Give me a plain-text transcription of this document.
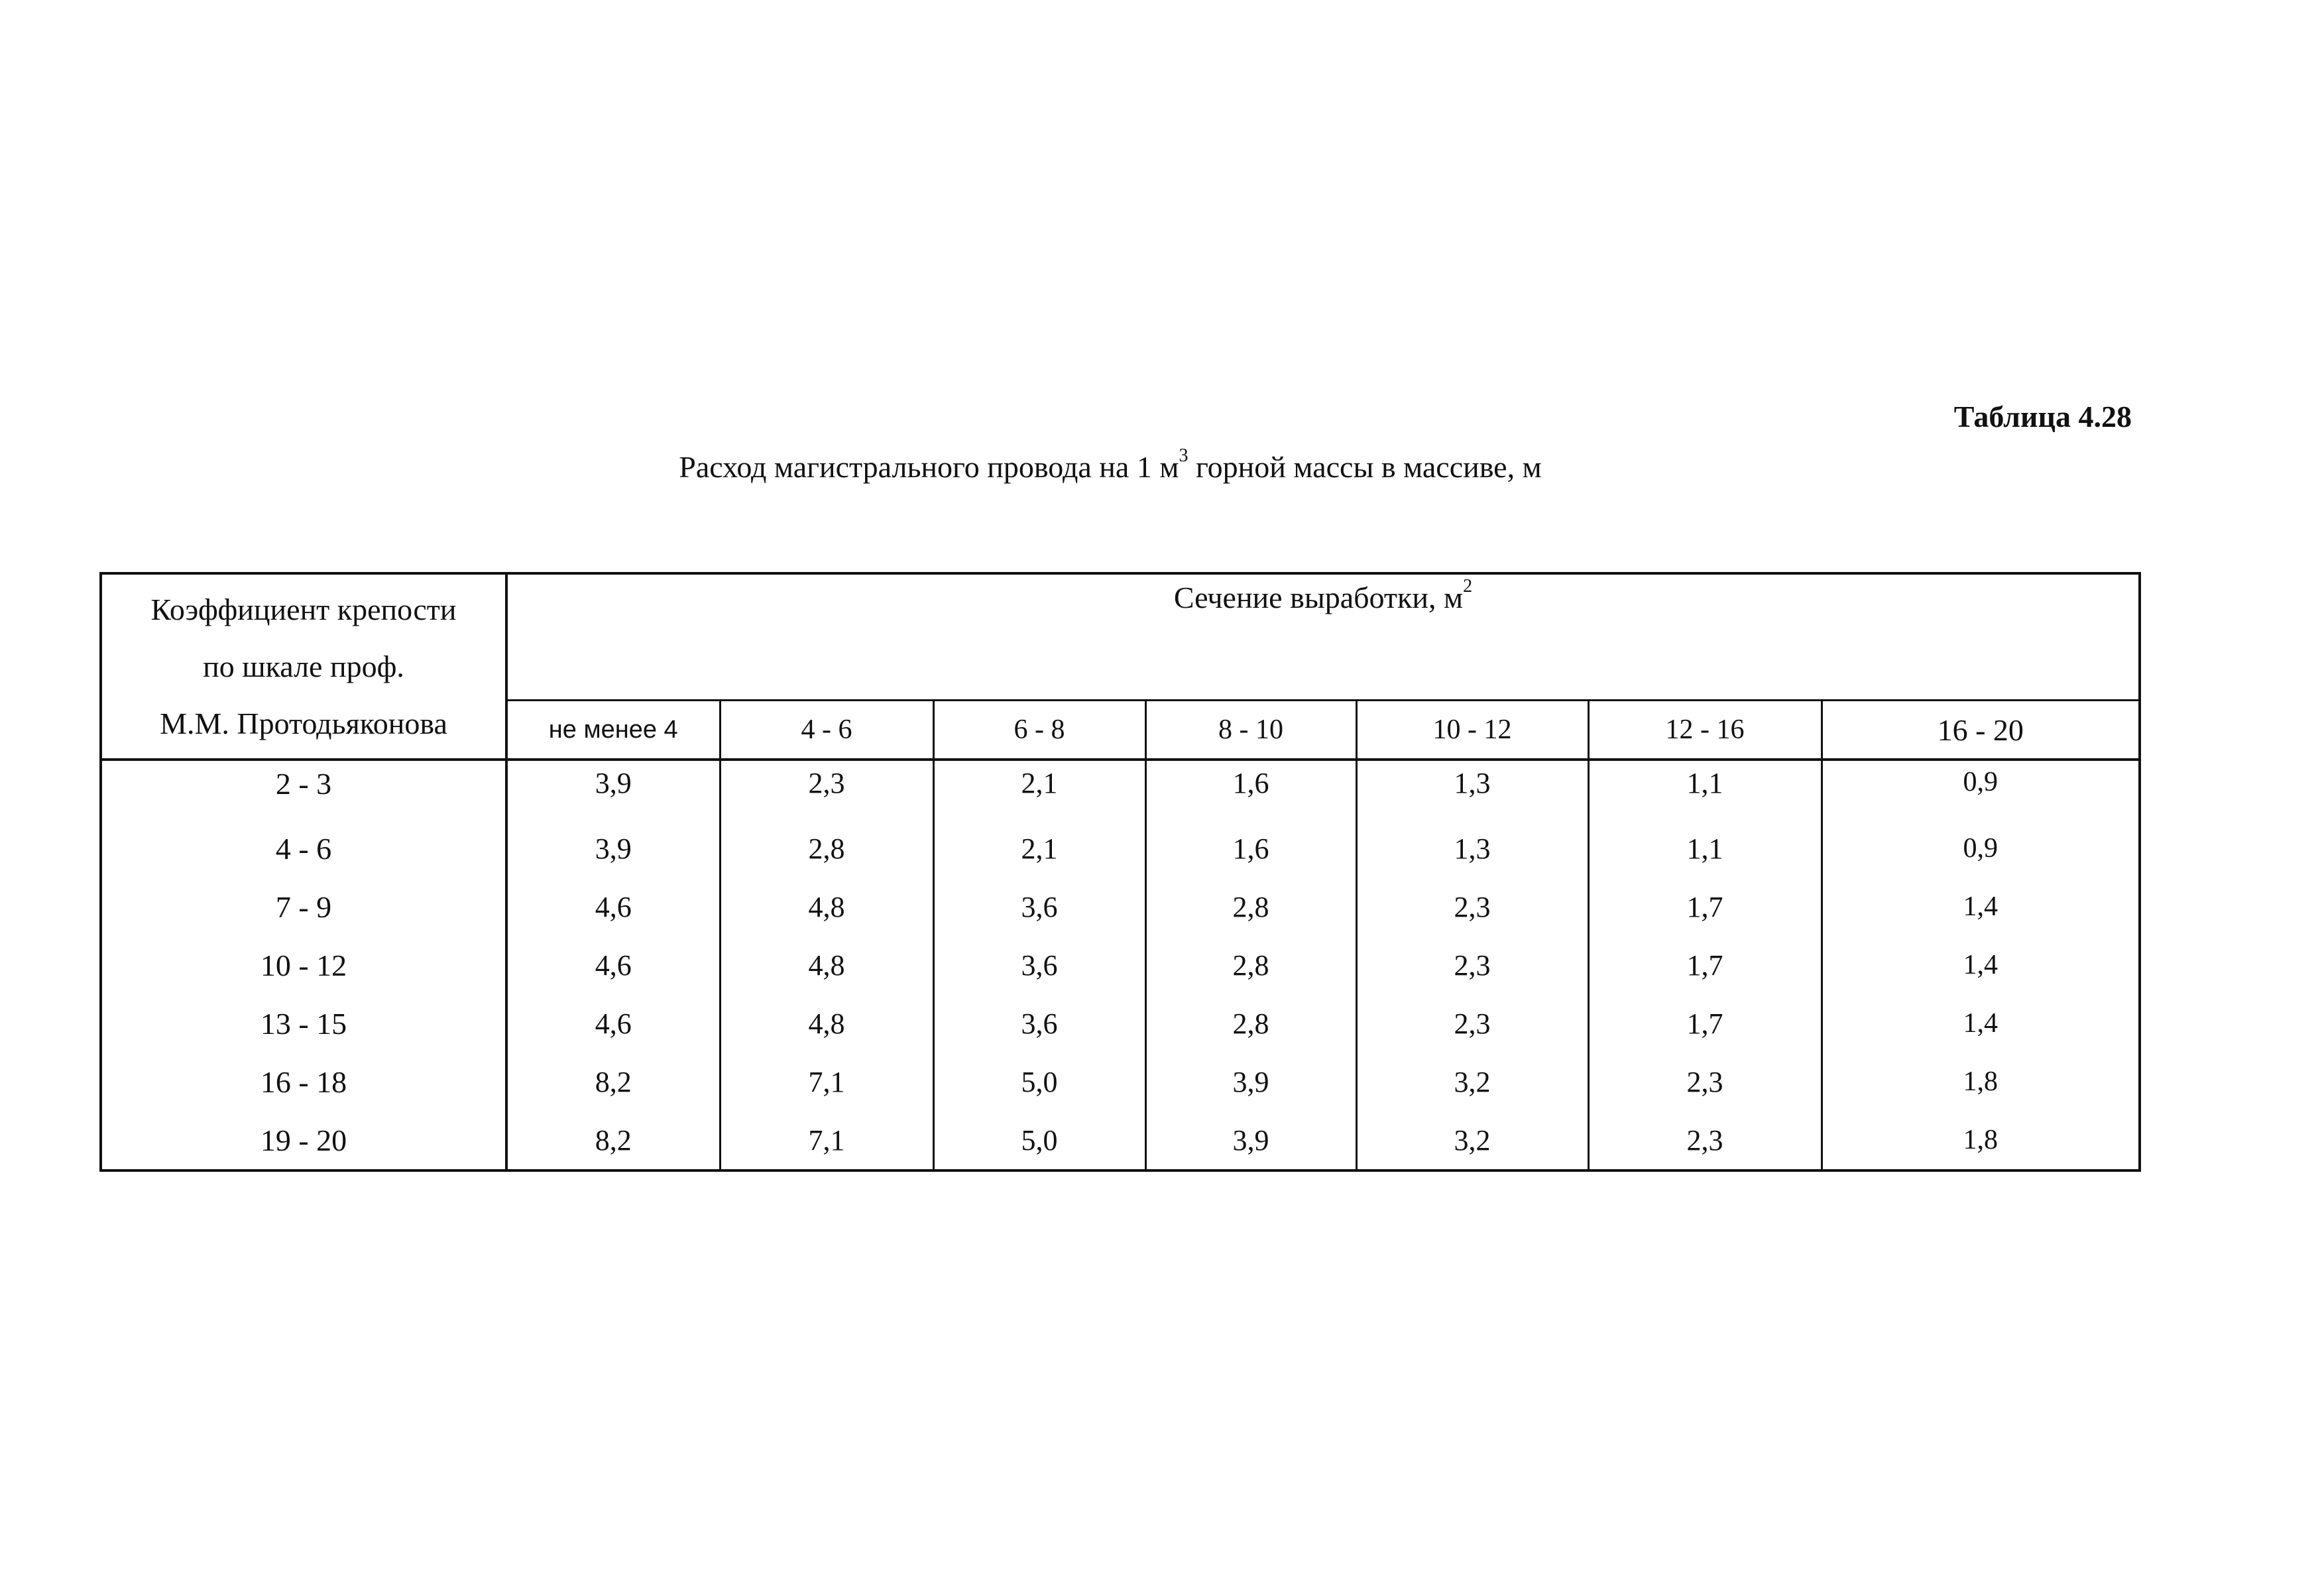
Таблица 4.28
Расход магистрального провода на 1 $м^3$ горной массы в массиве, м
Коэффициент крепости
по шкале проф.
М.М. Протодьяконова	Сечение выработки, $м^2$
	не менее 4	4 - 6	6 - 8	8 - 10	10 - 12	12 - 16	16 - 20
2 - 3	3,9	2,3	2,1	1,6	1,3	1,1	0,9
4 - 6	3,9	2,8	2,1	1,6	1,3	1,1	0,9
7 - 9	4,6	4,8	3,6	2,8	2,3	1,7	1,4
10 - 12	4,6	4,8	3,6	2,8	2,3	1,7	1,4
13 - 15	4,6	4,8	3,6	2,8	2,3	1,7	1,4
16 - 18	8,2	7,1	5,0	3,9	3,2	2,3	1,8
19 - 20	8,2	7,1	5,0	3,9	3,2	2,3	1,8
